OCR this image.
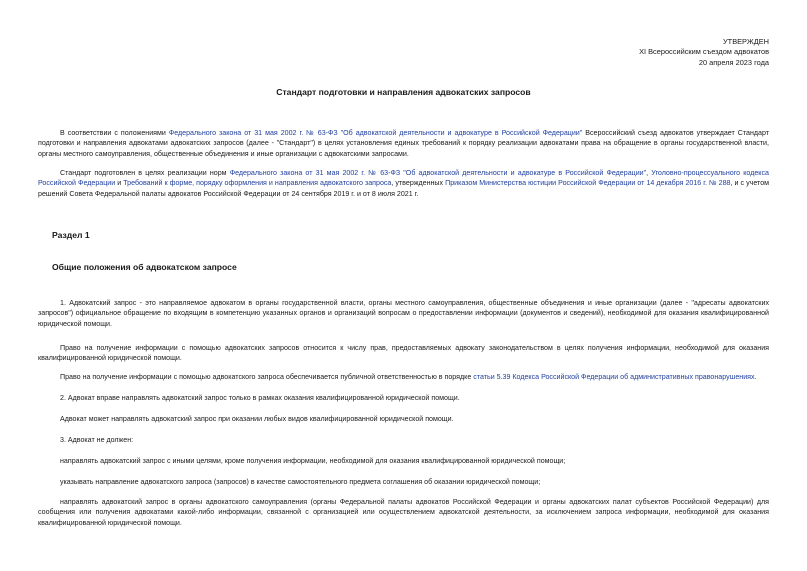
УТВЕРЖДЕН
XI Всероссийским съездом адвокатов
20 апреля 2023 года
Стандарт подготовки и направления адвокатских запросов

В соответствии с положениями Федерального закона от 31 мая 2002 г. № 63-ФЗ "Об адвокатской деятельности и адвокатуре в Российской Федерации" Всероссийский съезд адвокатов утверждает Стандарт подготовки и направления адвокатами адвокатских запросов (далее - "Стандарт") в целях установления единых требований к порядку реализации адвокатами права на обращение в органы государственной власти, органы местного самоуправления, общественные объединения и иные организации с адвокатскими запросами.

Стандарт подготовлен в целях реализации норм Федерального закона от 31 мая 2002 г. № 63-ФЗ "Об адвокатской деятельности и адвокатуре в Российской Федерации", Уголовно-процессуального кодекса Российской Федерации и Требований к форме, порядку оформления и направления адвокатского запроса, утвержденных Приказом Министерства юстиции Российской Федерации от 14 декабря 2016 г. № 288, и с учетом решений Совета Федеральной палаты адвокатов Российской Федерации от 24 сентября 2019 г. и от 8 июля 2021 г.

Раздел 1
Общие положения об адвокатском запросе

1. Адвокатский запрос - это направляемое адвокатом в органы государственной власти, органы местного самоуправления, общественные объединения и иные организации (далее - "адресаты адвокатских запросов") официальное обращение по входящим в компетенцию указанных органов и организаций вопросам о предоставлении информации (документов и сведений), необходимой для оказания квалифицированной юридической помощи.

Право на получение информации с помощью адвокатских запросов относится к числу прав, предоставляемых адвокату законодательством в целях получения информации, необходимой для оказания квалифицированной юридической помощи.

Право на получение информации с помощью адвокатского запроса обеспечивается публичной ответственностью в порядке статьи 5.39 Кодекса Российской Федерации об административных правонарушениях.

2. Адвокат вправе направлять адвокатский запрос только в рамках оказания квалифицированной юридической помощи.

Адвокат может направлять адвокатский запрос при оказании любых видов квалифицированной юридической помощи.

3. Адвокат не должен:

направлять адвокатский запрос с иными целями, кроме получения информации, необходимой для оказания квалифицированной юридической помощи;

указывать направление адвокатского запроса (запросов) в качестве самостоятельного предмета соглашения об оказании юридической помощи;

направлять адвокатский запрос в органы адвокатского самоуправления (органы Федеральной палаты адвокатов Российской Федерации и органы адвокатских палат субъектов Российской Федерации) для сообщения или получения адвокатами какой-либо информации, связанной с организацией или осуществлением адвокатской деятельности, за исключением запроса информации, необходимой для оказания квалифицированной юридической помощи.
